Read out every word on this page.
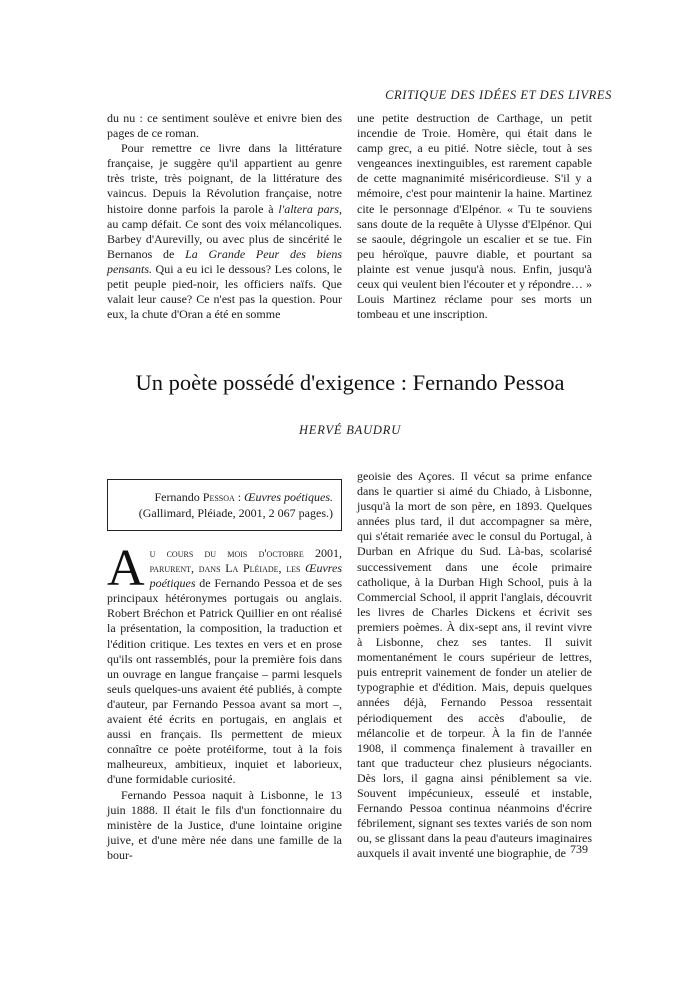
CRITIQUE DES IDÉES ET DES LIVRES

du nu : ce sentiment soulève et enivre bien des pages de ce roman.

Pour remettre ce livre dans la littérature française, je suggère qu'il appartient au genre très triste, très poignant, de la littérature des vaincus. Depuis la Révolution française, notre histoire donne parfois la parole à l'altera pars, au camp défait. Ce sont des voix mélancoliques. Barbey d'Aurevilly, ou avec plus de sincérité le Bernanos de La Grande Peur des biens pensants. Qui a eu ici le dessous? Les colons, le petit peuple pied-noir, les officiers naïfs. Que valait leur cause? Ce n'est pas la question. Pour eux, la chute d'Oran a été en somme

une petite destruction de Carthage, un petit incendie de Troie. Homère, qui était dans le camp grec, a eu pitié. Notre siècle, tout à ses vengeances inextinguibles, est rarement capable de cette magnanimité miséricordieuse. S'il y a mémoire, c'est pour maintenir la haine. Martinez cite le personnage d'Elpénor. « Tu te souviens sans doute de la requête à Ulysse d'Elpénor. Qui se saoule, dégringole un escalier et se tue. Fin peu héroïque, pauvre diable, et pourtant sa plainte est venue jusqu'à nous. Enfin, jusqu'à ceux qui veulent bien l'écouter et y répondre… » Louis Martinez réclame pour ses morts un tombeau et une inscription.

Un poète possédé d'exigence : Fernando Pessoa
HERVÉ BAUDRU
Fernando Pessoa : Œuvres poétiques.
(Gallimard, Pléiade, 2001, 2 067 pages.)

Au cours du mois d'octobre 2001, parurent, dans La Pléiade, les Œuvres poétiques de Fernando Pessoa et de ses principaux hétéronymes portugais ou anglais. Robert Bréchon et Patrick Quillier en ont réalisé la présentation, la composition, la traduction et l'édition critique. Les textes en vers et en prose qu'ils ont rassemblés, pour la première fois dans un ouvrage en langue française – parmi lesquels seuls quelques-uns avaient été publiés, à compte d'auteur, par Fernando Pessoa avant sa mort –, avaient été écrits en portugais, en anglais et aussi en français. Ils permettent de mieux connaître ce poète protéiforme, tout à la fois malheureux, ambitieux, inquiet et laborieux, d'une formidable curiosité.

Fernando Pessoa naquit à Lisbonne, le 13 juin 1888. Il était le fils d'un fonctionnaire du ministère de la Justice, d'une lointaine origine juive, et d'une mère née dans une famille de la bour-

geoisie des Açores. Il vécut sa prime enfance dans le quartier si aimé du Chiado, à Lisbonne, jusqu'à la mort de son père, en 1893. Quelques années plus tard, il dut accompagner sa mère, qui s'était remariée avec le consul du Portugal, à Durban en Afrique du Sud. Là-bas, scolarisé successivement dans une école primaire catholique, à la Durban High School, puis à la Commercial School, il apprit l'anglais, découvrit les livres de Charles Dickens et écrivit ses premiers poèmes. À dix-sept ans, il revint vivre à Lisbonne, chez ses tantes. Il suivit momentanément le cours supérieur de lettres, puis entreprit vainement de fonder un atelier de typographie et d'édition. Mais, depuis quelques années déjà, Fernando Pessoa ressentait périodiquement des accès d'aboulie, de mélancolie et de torpeur. À la fin de l'année 1908, il commença finalement à travailler en tant que traducteur chez plusieurs négociants. Dès lors, il gagna ainsi péniblement sa vie. Souvent impécunieux, esseulé et instable, Fernando Pessoa continua néanmoins d'écrire fébrilement, signant ses textes variés de son nom ou, se glissant dans la peau d'auteurs imaginaires auxquels il avait inventé une biographie, de 739
